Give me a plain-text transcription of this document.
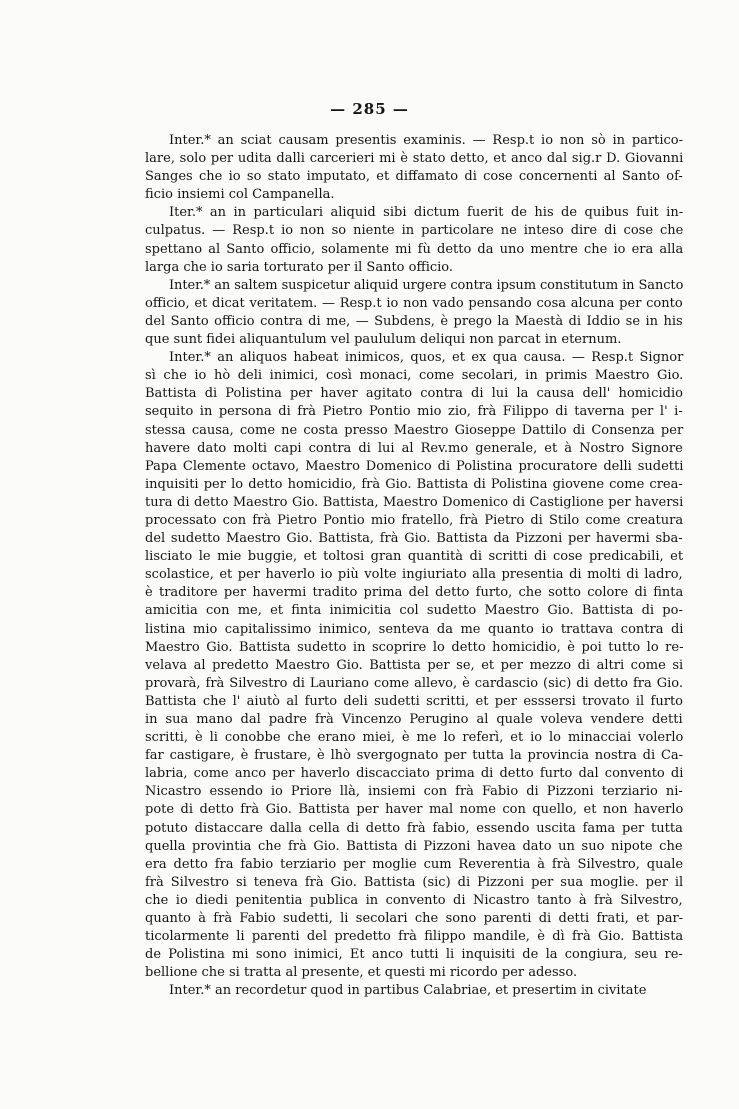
— 285 —
Inter.* an sciat causam presentis examinis. — Resp.t io non sò in partico-
lare, solo per udita dalli carcerieri mi è stato detto, et anco dal sig.r D. Giovanni
Sanges che io so stato imputato, et diffamato di cose concernenti al Santo of-
ficio insiemi col Campanella.
Iter.* an in particulari aliquid sibi dictum fuerit de his de quibus fuit in-
culpatus. — Resp.t io non so niente in particolare ne inteso dire di cose che
spettano al Santo officio, solamente mi fù detto da uno mentre che io era alla
larga che io saria torturato per il Santo officio.
Inter.* an saltem suspicetur aliquid urgere contra ipsum constitutum in Sancto
officio, et dicat veritatem. — Resp.t io non vado pensando cosa alcuna per conto
del Santo officio contra di me, — Subdens, è prego la Maestà di Iddio se in his
que sunt fidei aliquantulum vel paululum deliqui non parcat in eternum.
Inter.* an aliquos habeat inimicos, quos, et ex qua causa. — Resp.t Signor
sì che io hò deli inimici, così monaci, come secolari, in primis Maestro Gio.
Battista di Polistina per haver agitato contra di lui la causa dell' homicidio
sequito in persona di frà Pietro Pontio mio zio, frà Filippo di taverna per l' i-
stessa causa, come ne costa presso Maestro Gioseppe Dattilo di Consenza per
havere dato molti capi contra di lui al Rev.mo generale, et à Nostro Signore
Papa Clemente octavo, Maestro Domenico di Polistina procuratore delli sudetti
inquisiti per lo detto homicidio, frà Gio. Battista di Polistina giovene come crea-
tura di detto Maestro Gio. Battista, Maestro Domenico di Castiglione per haversi
processato con frà Pietro Pontio mio fratello, frà Pietro di Stilo come creatura
del sudetto Maestro Gio. Battista, frà Gio. Battista da Pizzoni per havermi sba-
lisciato le mie buggie, et toltosi gran quantità di scritti di cose predicabili, et
scolastice, et per haverlo io più volte ingiuriato alla presentia di molti di ladro,
è traditore per havermi tradito prima del detto furto, che sotto colore di finta
amicitia con me, et finta inimicitia col sudetto Maestro Gio. Battista di po-
listina mio capitalissimo inimico, senteva da me quanto io trattava contra di
Maestro Gio. Battista sudetto in scoprire lo detto homicidio, è poi tutto lo re-
velava al predetto Maestro Gio. Battista per se, et per mezzo di altri come si
provarà, frà Silvestro di Lauriano come allevo, è cardascio (sic) di detto fra Gio.
Battista che l' aiutò al furto deli sudetti scritti, et per esssersi trovato il furto
in sua mano dal padre frà Vincenzo Perugino al quale voleva vendere detti
scritti, è li conobbe che erano miei, è me lo referì, et io lo minacciai volerlo
far castigare, è frustare, è lhò svergognato per tutta la provincia nostra di Ca-
labria, come anco per haverlo discacciato prima di detto furto dal convento di
Nicastro essendo io Priore llà, insiemi con frà Fabio di Pizzoni terziario ni-
pote di detto frà Gio. Battista per haver mal nome con quello, et non haverlo
potuto distaccare dalla cella di detto frà fabio, essendo uscita fama per tutta
quella provintia che frà Gio. Battista di Pizzoni havea dato un suo nipote che
era detto fra fabio terziario per moglie cum Reverentia à frà Silvestro, quale
frà Silvestro si teneva frà Gio. Battista (sic) di Pizzoni per sua moglie. per il
che io diedi penitentia publica in convento di Nicastro tanto à frà Silvestro,
quanto à frà Fabio sudetti, li secolari che sono parenti di detti frati, et par-
ticolarmente li parenti del predetto frà filippo mandile, è dì frà Gio. Battista
de Polistina mi sono inimici, Et anco tutti li inquisiti de la congiura, seu re-
bellione che si tratta al presente, et questi mi ricordo per adesso.
Inter.* an recordetur quod in partibus Calabriae, et presertim in civitate
